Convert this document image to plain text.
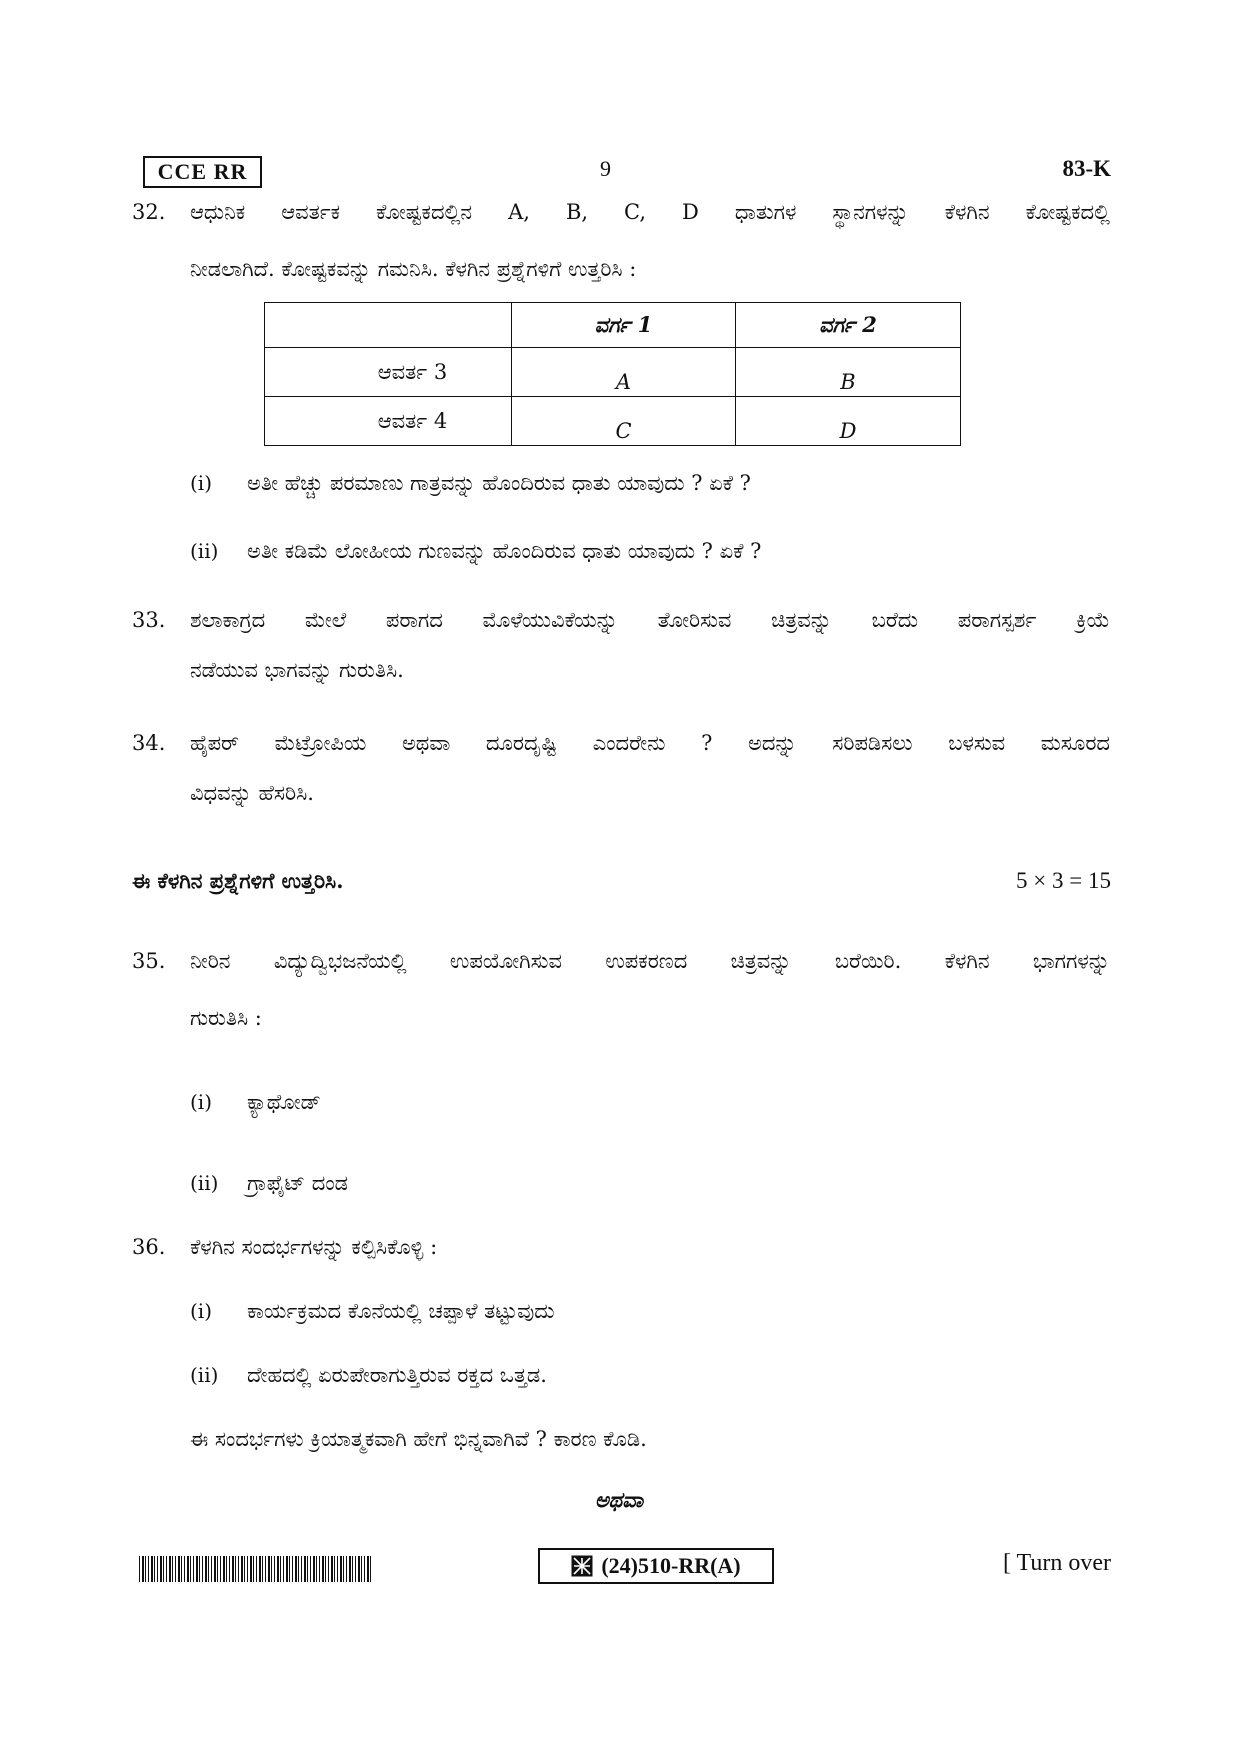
CCE RR	9	83-K
32.	ಆಧುನಿಕ ಆವರ್ತಕ ಕೋಷ್ಟಕದಲ್ಲಿನ A, B, C, D ಧಾತುಗಳ ಸ್ಥಾನಗಳನ್ನು ಕೆಳಗಿನ ಕೋಷ್ಟಕದಲ್ಲಿ
ನೀಡಲಾಗಿದೆ. ಕೋಷ್ಟಕವನ್ನು ಗಮನಿಸಿ. ಕೆಳಗಿನ ಪ್ರಶ್ನೆಗಳಿಗೆ ಉತ್ತರಿಸಿ :
	ವರ್ಗ 1	ವರ್ಗ 2
ಆವರ್ತ 3	A	B
ಆವರ್ತ 4	C	D
(i)	ಅತೀ ಹೆಚ್ಚು ಪರಮಾಣು ಗಾತ್ರವನ್ನು ಹೊಂದಿರುವ ಧಾತು ಯಾವುದು ? ಏಕೆ ?
(ii)	ಅತೀ ಕಡಿಮೆ ಲೋಹೀಯ ಗುಣವನ್ನು ಹೊಂದಿರುವ ಧಾತು ಯಾವುದು ? ಏಕೆ ?
33.	ಶಲಾಕಾಗ್ರದ ಮೇಲೆ ಪರಾಗದ ಮೊಳೆಯುವಿಕೆಯನ್ನು ತೋರಿಸುವ ಚಿತ್ರವನ್ನು ಬರೆದು ಪರಾಗಸ್ಪರ್ಶ ಕ್ರಿಯೆ
ನಡೆಯುವ ಭಾಗವನ್ನು ಗುರುತಿಸಿ.
34.	ಹೈಪರ್ ಮೆಟ್ರೋಪಿಯ ಅಥವಾ ದೂರದೃಷ್ಟಿ ಎಂದರೇನು ? ಅದನ್ನು ಸರಿಪಡಿಸಲು ಬಳಸುವ ಮಸೂರದ
ವಿಧವನ್ನು ಹೆಸರಿಸಿ.
ಈ ಕೆಳಗಿನ ಪ್ರಶ್ನೆಗಳಿಗೆ ಉತ್ತರಿಸಿ.	5 × 3 = 15
35.	ನೀರಿನ ವಿದ್ಯುದ್ವಿಭಜನೆಯಲ್ಲಿ ಉಪಯೋಗಿಸುವ ಉಪಕರಣದ ಚಿತ್ರವನ್ನು ಬರೆಯಿರಿ. ಕೆಳಗಿನ ಭಾಗಗಳನ್ನು
ಗುರುತಿಸಿ :
(i)	ಕ್ಯಾಥೋಡ್
(ii)	ಗ್ರಾಫೈಟ್ ದಂಡ
36.	ಕೆಳಗಿನ ಸಂದರ್ಭಗಳನ್ನು ಕಲ್ಪಿಸಿಕೊಳ್ಳಿ :
(i)	ಕಾರ್ಯಕ್ರಮದ ಕೊನೆಯಲ್ಲಿ ಚಪ್ಪಾಳೆ ತಟ್ಟುವುದು
(ii)	ದೇಹದಲ್ಲಿ ಏರುಪೇರಾಗುತ್ತಿರುವ ರಕ್ತದ ಒತ್ತಡ.
ಈ ಸಂದರ್ಭಗಳು ಕ್ರಿಯಾತ್ಮಕವಾಗಿ ಹೇಗೆ ಭಿನ್ನವಾಗಿವೆ ? ಕಾರಣ ಕೊಡಿ.
ಅಥವಾ
(24)510-RR(A)	[ Turn over
